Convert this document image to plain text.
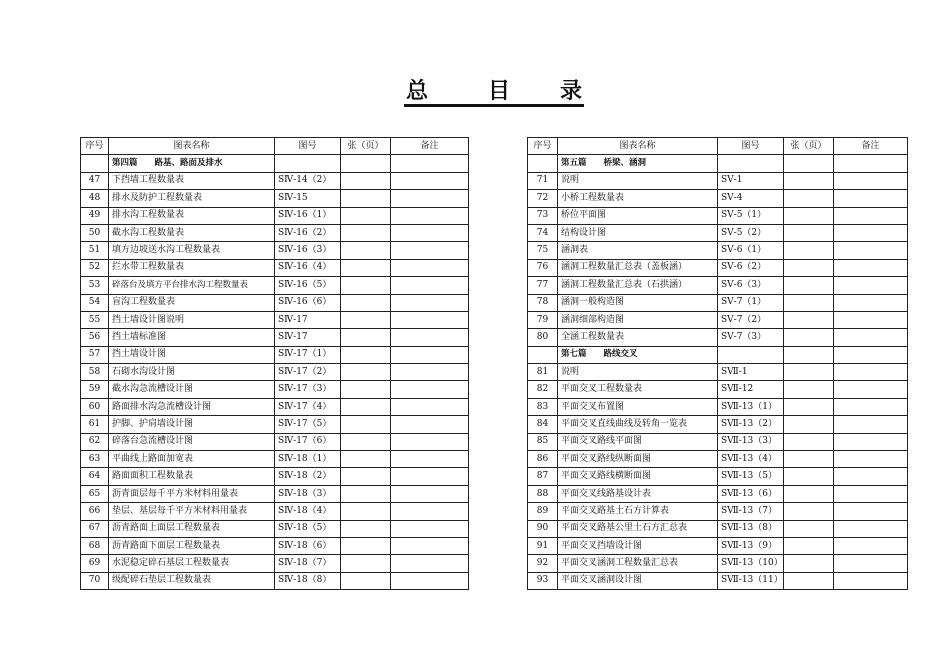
总	目 录
序号	图表名称	图号	张（页）	备注
	第四篇　　路基、路面及排水			
47	下挡墙工程数量表	SⅣ-14（2）		
48	排水及防护工程数量表	SⅣ-15		
49	排水沟工程数量表	SⅣ-16（1）		
50	截水沟工程数量表	SⅣ-16（2）		
51	填方边坡送水沟工程数量表	SⅣ-16（3）		
52	拦水带工程数量表	SⅣ-16（4）		
53	碎落台及填方平台排水沟工程数量表	SⅣ-16（5）		
54	盲沟工程数量表	SⅣ-16（6）		
55	挡土墙设计图说明	SⅣ-17		
56	挡土墙标准图	SⅣ-17		
57	挡土墙设计图	SⅣ-17（1）		
58	石砌水沟设计图	SⅣ-17（2）		
59	截水沟急流槽设计图	SⅣ-17（3）		
60	路面排水沟急流槽设计图	SⅣ-17（4）		
61	护脚、护肩墙设计图	SⅣ-17（5）		
62	碎落台急流槽设计图	SⅣ-17（6）		
63	平曲线上路面加宽表	SⅣ-18（1）		
64	路面面积工程数量表	SⅣ-18（2）		
65	沥青面层每千平方米材料用量表	SⅣ-18（3）		
66	垫层、基层每千平方米材料用量表	SⅣ-18（4）		
67	沥青路面上面层工程数量表	SⅣ-18（5）		
68	沥青路面下面层工程数量表	SⅣ-18（6）		
69	水泥稳定碎石基层工程数量表	SⅣ-18（7）		
70	级配碎石垫层工程数量表	SⅣ-18（8）		
序号	图表名称	图号	张（页）	备注
	第五篇　　桥梁、涵洞			
71	说明	SⅤ-1		
72	小桥工程数量表	SⅤ-4		
73	桥位平面图	SⅤ-5（1）		
74	结构设计图	SⅤ-5（2）		
75	涵洞表	SⅤ-6（1）		
76	涵洞工程数量汇总表（盖板涵）	SⅤ-6（2）		
77	涵洞工程数量汇总表（石拱涵）	SⅤ-6（3）		
78	涵洞一般构造图	SⅤ-7（1）		
79	涵洞细部构造图	SⅤ-7（2）		
80	全涵工程数量表	SⅤ-7（3）		
	第七篇　　路线交叉			
81	说明	SⅦ-1		
82	平面交叉工程数量表	SⅦ-12		
83	平面交叉布置图	SⅦ-13（1）		
84	平面交叉直线曲线及转角一览表	SⅦ-13（2）		
85	平面交叉路线平面图	SⅦ-13（3）		
86	平面交叉路线纵断面图	SⅦ-13（4）		
87	平面交叉路线横断面图	SⅦ-13（5）		
88	平面交叉线路基设计表	SⅦ-13（6）		
89	平面交叉路基土石方计算表	SⅦ-13（7）		
90	平面交叉路基公里土石方汇总表	SⅦ-13（8）		
91	平面交叉挡墙设计图	SⅦ-13（9）		
92	平面交叉涵洞工程数量汇总表	SⅦ-13（10）		
93	平面交叉涵洞设计图	SⅦ-13（11）		
